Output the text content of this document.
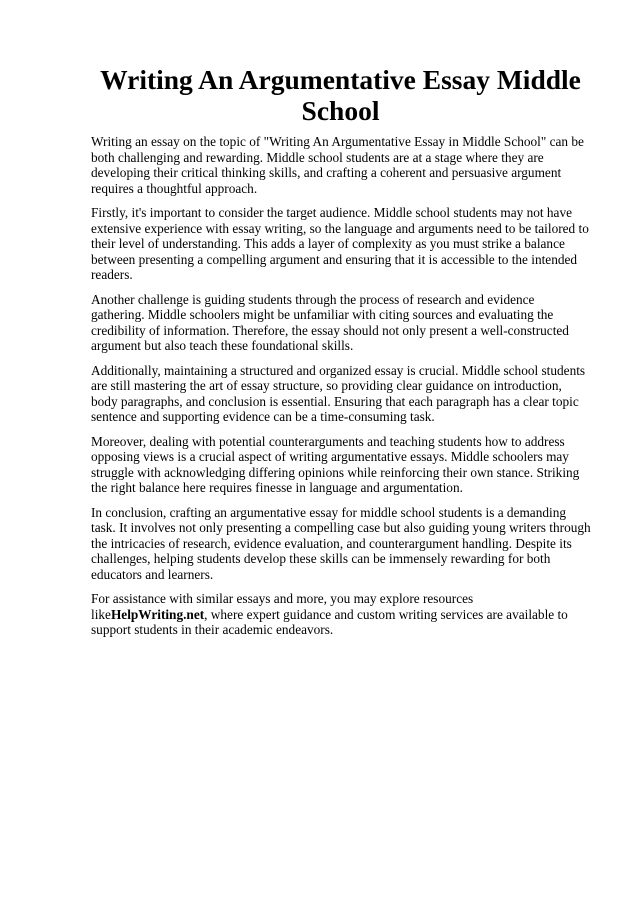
Writing An Argumentative Essay Middle School

Writing an essay on the topic of "Writing An Argumentative Essay in Middle School" can be both challenging and rewarding. Middle school students are at a stage where they are developing their critical thinking skills, and crafting a coherent and persuasive argument requires a thoughtful approach.

Firstly, it's important to consider the target audience. Middle school students may not have extensive experience with essay writing, so the language and arguments need to be tailored to their level of understanding. This adds a layer of complexity as you must strike a balance between presenting a compelling argument and ensuring that it is accessible to the intended readers.

Another challenge is guiding students through the process of research and evidence gathering. Middle schoolers might be unfamiliar with citing sources and evaluating the credibility of information. Therefore, the essay should not only present a well-constructed argument but also teach these foundational skills.

Additionally, maintaining a structured and organized essay is crucial. Middle school students are still mastering the art of essay structure, so providing clear guidance on introduction, body paragraphs, and conclusion is essential. Ensuring that each paragraph has a clear topic sentence and supporting evidence can be a time-consuming task.

Moreover, dealing with potential counterarguments and teaching students how to address opposing views is a crucial aspect of writing argumentative essays. Middle schoolers may struggle with acknowledging differing opinions while reinforcing their own stance. Striking the right balance here requires finesse in language and argumentation.

In conclusion, crafting an argumentative essay for middle school students is a demanding task. It involves not only presenting a compelling case but also guiding young writers through the intricacies of research, evidence evaluation, and counterargument handling. Despite its challenges, helping students develop these skills can be immensely rewarding for both educators and learners.

For assistance with similar essays and more, you may explore resources likeHelpWriting.net, where expert guidance and custom writing services are available to support students in their academic endeavors.
